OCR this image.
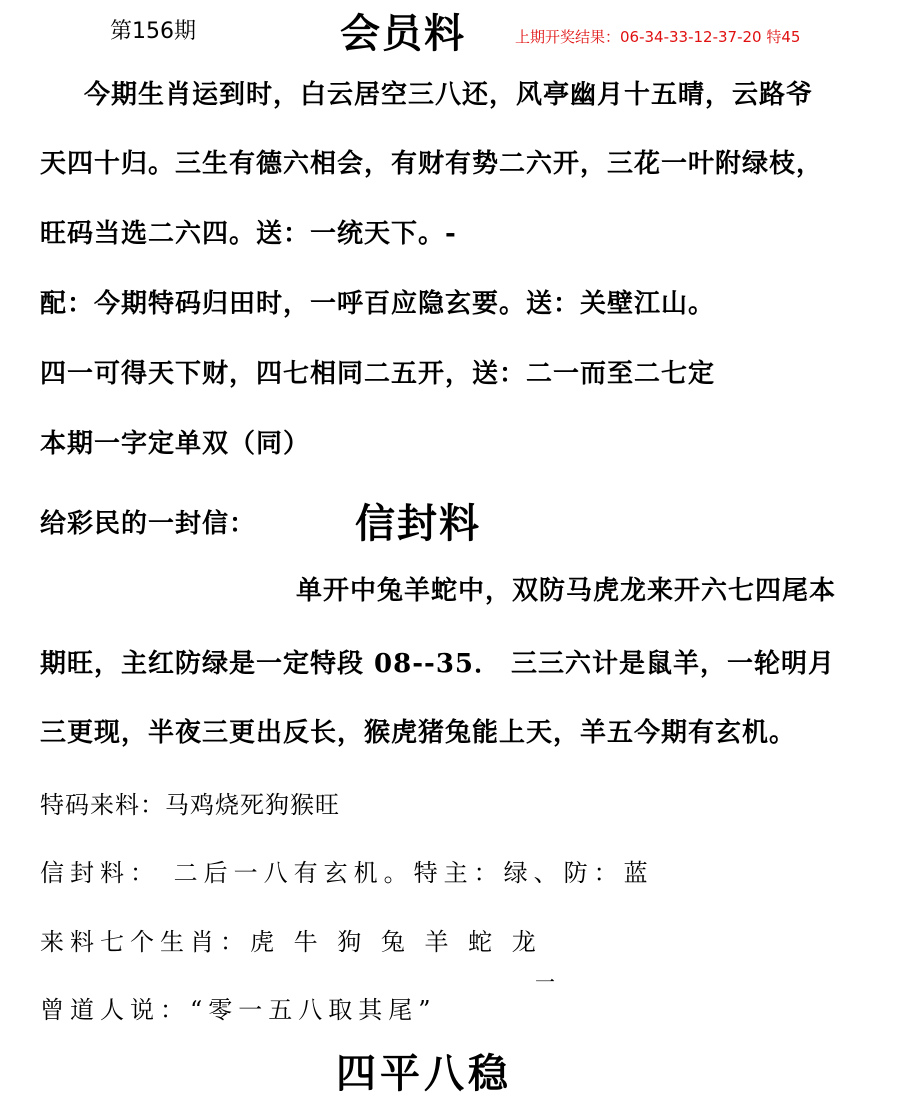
第156期	会员料	上期开奖结果：06-34-33-12-37-20 特45
今期生肖运到时，白云居空三八还，风亭幽月十五晴，云路爷
天四十归。三生有德六相会，有财有势二六开，三花一叶附绿枝，
旺码当选二六四。送：一统天下。-
配：今期特码归田时，一呼百应隐玄要。送：关壁江山。
四一可得天下财，四七相同二五开，送：二一而至二七定
本期一字定单双（同）
给彩民的一封信： 信封料
单开中兔羊蛇中，双防马虎龙来开六七四尾本
期旺，主红防绿是一定特段 08--35． 三三六计是鼠羊，一轮明月
三更现，半夜三更出反长，猴虎猪兔能上天，羊五今期有玄机。
特码来料：马鸡烧死狗猴旺
信封料： 二后一八有玄机。特主：绿、防：蓝
来料七个生肖：虎 牛 狗 兔 羊 蛇 龙
一
曾道人说：“零一五八取其尾”
四平八稳
